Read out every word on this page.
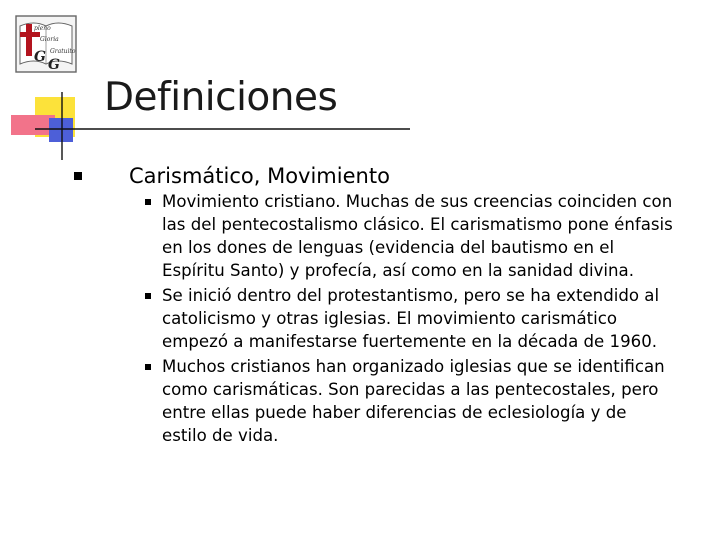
pleno
Gloria
Gratuito
G G
Definiciones
Carismático, Movimiento
Movimiento cristiano. Muchas de sus creencias coinciden con
las del pentecostalismo clásico. El carismatismo pone énfasis
en los dones de lenguas (evidencia del bautismo en el
Espíritu Santo) y profecía, así como en la sanidad divina.
Se inició dentro del protestantismo, pero se ha extendido al
catolicismo y otras iglesias. El movimiento carismático
empezó a manifestarse fuertemente en la década de 1960.
Muchos cristianos han organizado iglesias que se identifican
como carismáticas. Son parecidas a las pentecostales, pero
entre ellas puede haber diferencias de eclesiología y de
estilo de vida.
